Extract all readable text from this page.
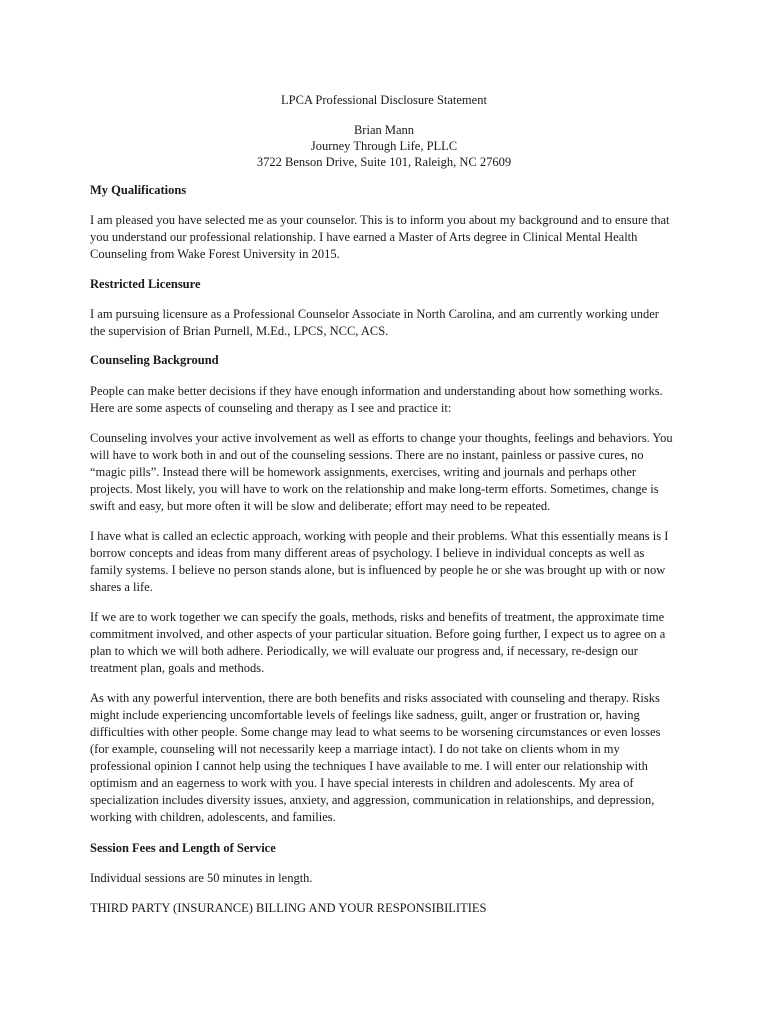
LPCA Professional Disclosure Statement
Brian Mann
Journey Through Life, PLLC
3722 Benson Drive, Suite 101, Raleigh, NC 27609
My Qualifications
I am pleased you have selected me as your counselor. This is to inform you about my background and to ensure that
you understand our professional relationship. I have earned a Master of Arts degree in Clinical Mental Health
Counseling from Wake Forest University in 2015.
Restricted Licensure
I am pursuing licensure as a Professional Counselor Associate in North Carolina, and am currently working under
the supervision of Brian Purnell, M.Ed., LPCS, NCC, ACS.
Counseling Background
People can make better decisions if they have enough information and understanding about how something works.
Here are some aspects of counseling and therapy as I see and practice it:
Counseling involves your active involvement as well as efforts to change your thoughts, feelings and behaviors. You
will have to work both in and out of the counseling sessions. There are no instant, painless or passive cures, no
“magic pills”. Instead there will be homework assignments, exercises, writing and journals and perhaps other
projects. Most likely, you will have to work on the relationship and make long-term efforts. Sometimes, change is
swift and easy, but more often it will be slow and deliberate; effort may need to be repeated.
I have what is called an eclectic approach, working with people and their problems. What this essentially means is I
borrow concepts and ideas from many different areas of psychology. I believe in individual concepts as well as
family systems. I believe no person stands alone, but is influenced by people he or she was brought up with or now
shares a life.
If we are to work together we can specify the goals, methods, risks and benefits of treatment, the approximate time
commitment involved, and other aspects of your particular situation. Before going further, I expect us to agree on a
plan to which we will both adhere. Periodically, we will evaluate our progress and, if necessary, re-design our
treatment plan, goals and methods.
As with any powerful intervention, there are both benefits and risks associated with counseling and therapy. Risks
might include experiencing uncomfortable levels of feelings like sadness, guilt, anger or frustration or, having
difficulties with other people. Some change may lead to what seems to be worsening circumstances or even losses
(for example, counseling will not necessarily keep a marriage intact). I do not take on clients whom in my
professional opinion I cannot help using the techniques I have available to me. I will enter our relationship with
optimism and an eagerness to work with you. I have special interests in children and adolescents. My area of
specialization includes diversity issues, anxiety, and aggression, communication in relationships, and depression,
working with children, adolescents, and families.
Session Fees and Length of Service
Individual sessions are 50 minutes in length.
THIRD PARTY (INSURANCE) BILLING AND YOUR RESPONSIBILITIES
